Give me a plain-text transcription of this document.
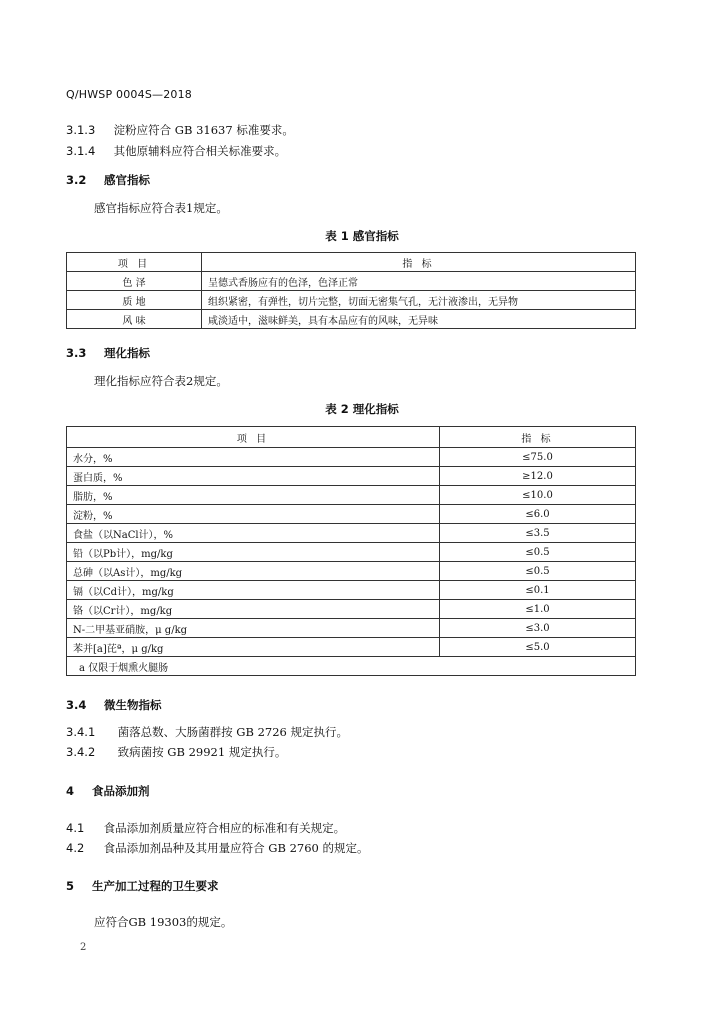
Q/HWSP 0004S—2018
3.1.3 淀粉应符合 GB 31637 标准要求。
3.1.4 其他原辅料应符合相关标准要求。
3.2 感官指标
感官指标应符合表1规定。
表 1 感官指标
项 目	指 标
色 泽	呈德式香肠应有的色泽，色泽正常
质 地	组织紧密，有弹性，切片完整，切面无密集气孔，无汁液渗出，无异物
风 味	咸淡适中，滋味鲜美，具有本品应有的风味，无异味
3.3 理化指标
理化指标应符合表2规定。
表 2 理化指标
项 目	指 标
水分，%	≤75.0
蛋白质，%	≥12.0
脂肪，%	≤10.0
淀粉，%	≤6.0
食盐（以NaCl计），%	≤3.5
铅（以Pb计），mg/kg	≤0.5
总砷（以As计），mg/kg	≤0.5
镉（以Cd计），mg/kg	≤0.1
铬（以Cr计），mg/kg	≤1.0
N-二甲基亚硝胺，μ g/kg	≤3.0
苯并[a]芘ª，μ g/kg	≤5.0
a 仅限于烟熏火腿肠	
3.4 微生物指标
3.4.1 菌落总数、大肠菌群按 GB 2726 规定执行。
3.4.2 致病菌按 GB 29921 规定执行。
4 食品添加剂
4.1 食品添加剂质量应符合相应的标准和有关规定。
4.2 食品添加剂品种及其用量应符合 GB 2760 的规定。
5 生产加工过程的卫生要求
应符合GB 19303的规定。
2
